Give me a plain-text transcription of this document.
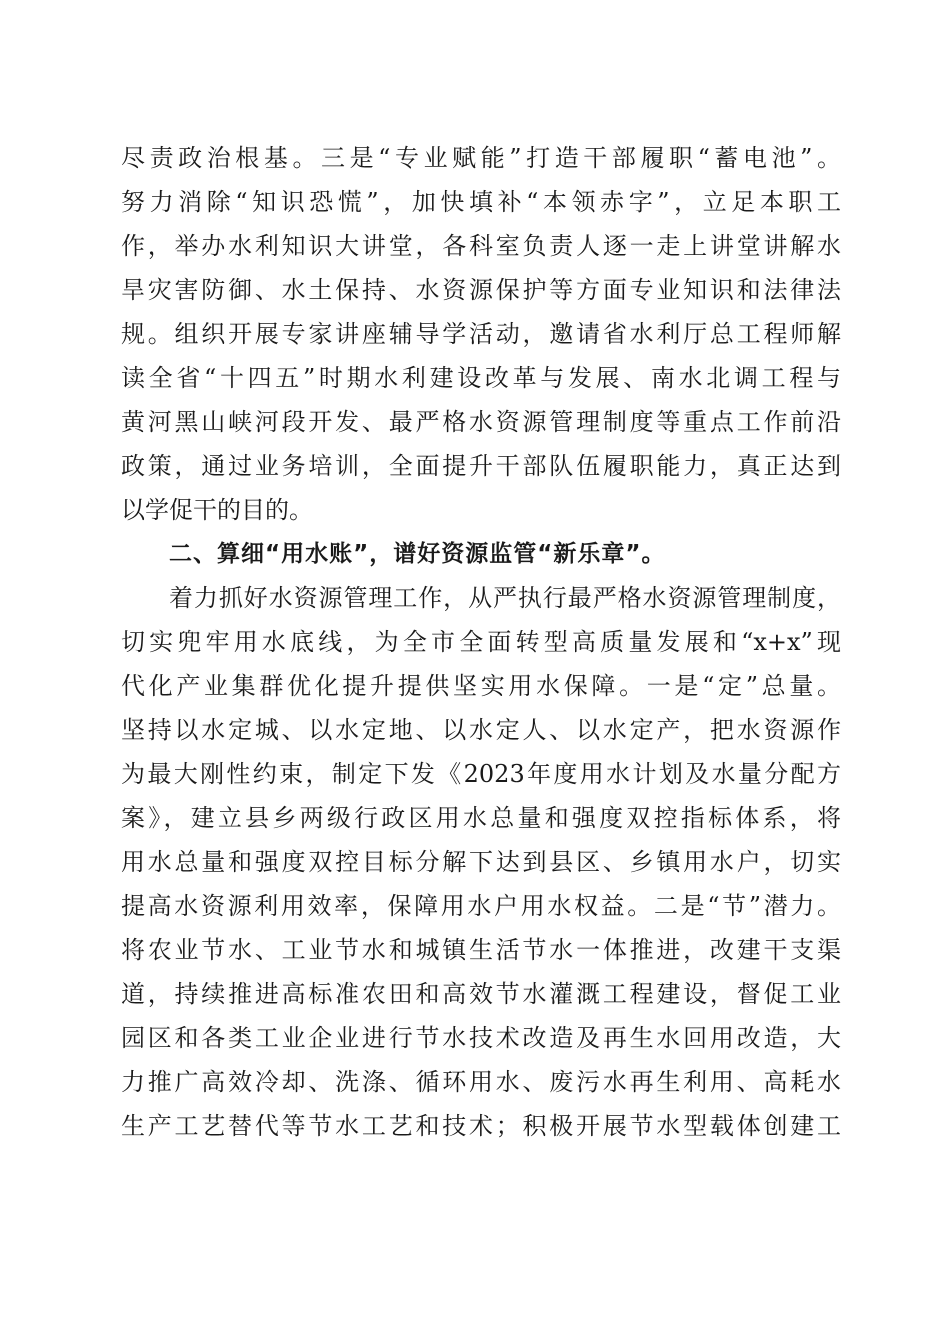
尽责政治根基。三是“专业赋能”打造干部履职“蓄电池”。
努力消除“知识恐慌”，加快填补“本领赤字”，立足本职工
作，举办水利知识大讲堂，各科室负责人逐一走上讲堂讲解水
旱灾害防御、水土保持、水资源保护等方面专业知识和法律法
规。组织开展专家讲座辅导学活动，邀请省水利厅总工程师解
读全省“十四五”时期水利建设改革与发展、南水北调工程与
黄河黑山峡河段开发、最严格水资源管理制度等重点工作前沿
政策，通过业务培训，全面提升干部队伍履职能力，真正达到
以学促干的目的。
二、算细“用水账”，谱好资源监管“新乐章”。
着力抓好水资源管理工作，从严执行最严格水资源管理制度，
切实兜牢用水底线，为全市全面转型高质量发展和“x+x”现
代化产业集群优化提升提供坚实用水保障。一是“定”总量。
坚持以水定城、以水定地、以水定人、以水定产，把水资源作
为最大刚性约束，制定下发《2023年度用水计划及水量分配方
案》，建立县乡两级行政区用水总量和强度双控指标体系，将
用水总量和强度双控目标分解下达到县区、乡镇用水户，切实
提高水资源利用效率，保障用水户用水权益。二是“节”潜力。
将农业节水、工业节水和城镇生活节水一体推进，改建干支渠
道，持续推进高标准农田和高效节水灌溉工程建设，督促工业
园区和各类工业企业进行节水技术改造及再生水回用改造，大
力推广高效冷却、洗涤、循环用水、废污水再生利用、高耗水
生产工艺替代等节水工艺和技术；积极开展节水型载体创建工
